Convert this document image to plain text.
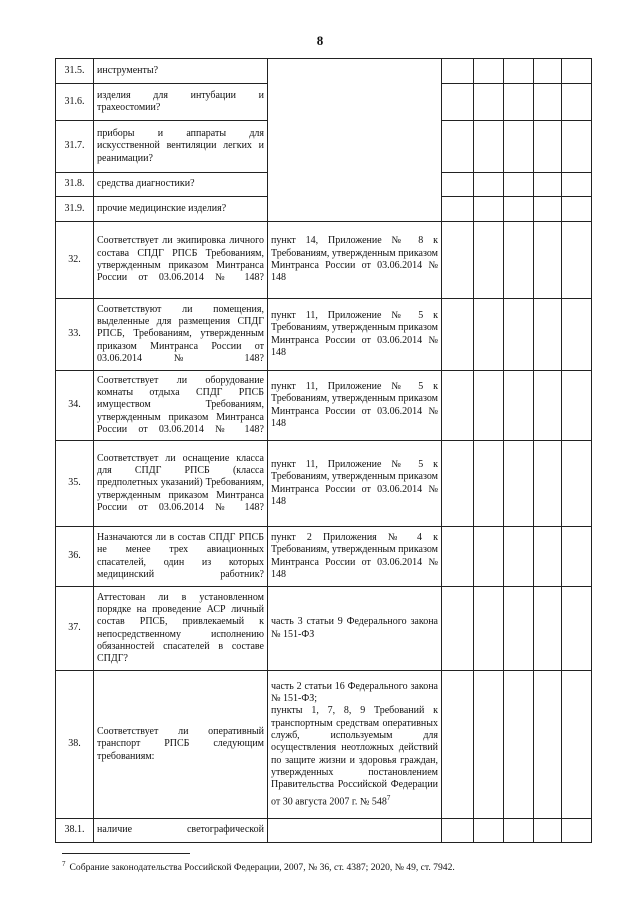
8
31.5.	инструменты?						
31.6.	изделия для интубации и трахеостомии?						
31.7.	приборы и аппараты для искусственной вентиляции легких и реанимации?						
31.8.	средства диагностики?						
31.9.	прочие медицинские изделия?						
32.	Соответствует ли экипировка личного состава СПДГ РПСБ Требованиям, утвержденным приказом Минтранса России от 03.06.2014 № 148?	пункт 14, Приложение № 8 к Требованиям, утвержденным приказом Минтранса России от 03.06.2014 № 148					
33.	Соответствуют ли помещения, выделенные для размещения СПДГ РПСБ, Требованиям, утвержденным приказом Минтранса России от 03.06.2014 № 148?	пункт 11, Приложение № 5 к Требованиям, утвержденным приказом Минтранса России от 03.06.2014 № 148					
34.	Соответствует ли оборудование комнаты отдыха СПДГ РПСБ имуществом Требованиям, утвержденным приказом Минтранса России от 03.06.2014 № 148?	пункт 11, Приложение № 5 к Требованиям, утвержденным приказом Минтранса России от 03.06.2014 № 148					
35.	Соответствует ли оснащение класса для СПДГ РПСБ (класса предполетных указаний) Требованиям, утвержденным приказом Минтранса России от 03.06.2014 № 148?	пункт 11, Приложение № 5 к Требованиям, утвержденным приказом Минтранса России от 03.06.2014 № 148					
36.	Назначаются ли в состав СПДГ РПСБ не менее трех авиационных спасателей, один из которых медицинский работник?	пункт 2 Приложения № 4 к Требованиям, утвержденным приказом Минтранса России от 03.06.2014 № 148					
37.	Аттестован ли в установленном порядке на проведение АСР личный состав РПСБ, привлекаемый к непосредственному исполнению обязанностей спасателей в составе СПДГ?	часть 3 статьи 9 Федерального закона № 151-ФЗ					
38.	Соответствует ли оперативный транспорт РПСБ следующим требованиям:	часть 2 статьи 16 Федерального закона № 151-ФЗ;

пункты 1, 7, 8, 9 Требований к транспортным средствам оперативных служб, используемым для осуществления неотложных действий по защите жизни и здоровья граждан, утвержденных постановлением Правительства Российской Федерации от 30 августа 2007 г. № 548$^7$

38.1.	наличие светографической						
$^7$ Собрание законодательства Российской Федерации, 2007, № 36, ст. 4387; 2020, № 49, ст. 7942.
